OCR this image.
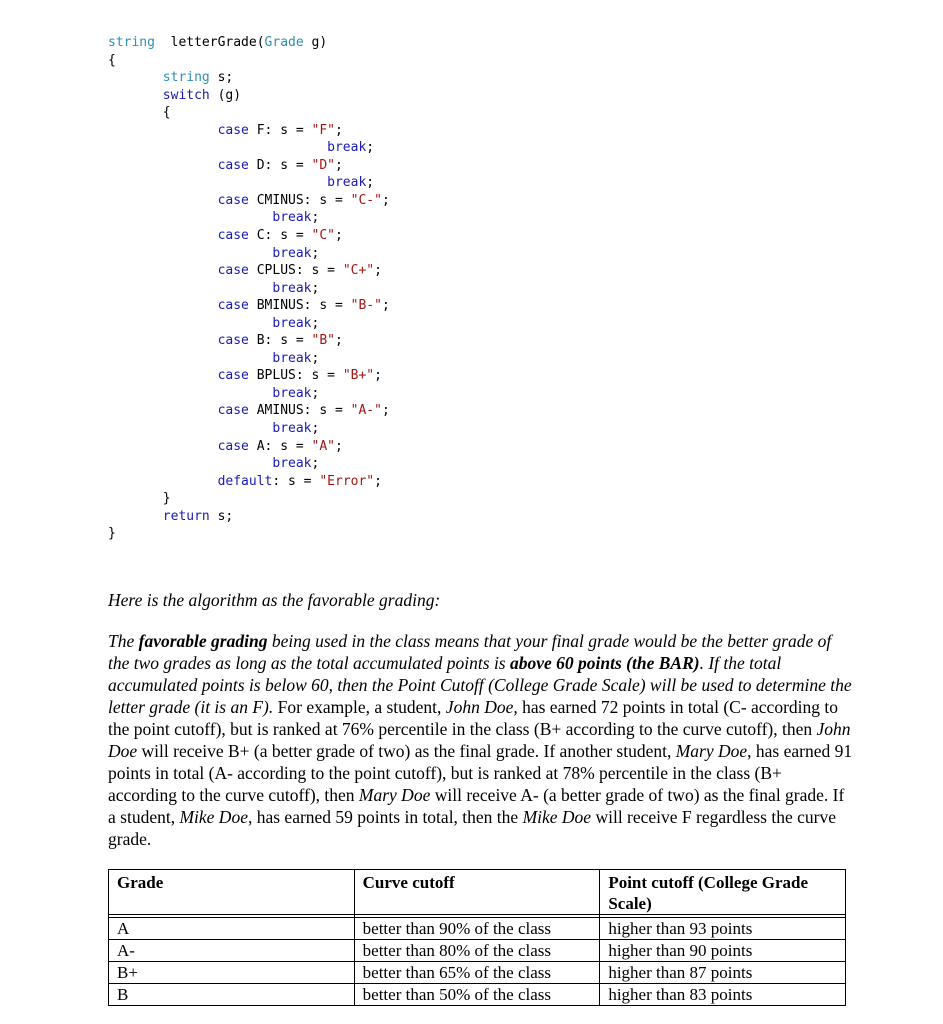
string  letterGrade(Grade g)
{
string s;
switch (g)
{
case F: s = "F";
break;
case D: s = "D";
break;
case CMINUS: s = "C-";
break;
case C: s = "C";
break;
case CPLUS: s = "C+";
break;
case BMINUS: s = "B-";
break;
case B: s = "B";
break;
case BPLUS: s = "B+";
break;
case AMINUS: s = "A-";
break;
case A: s = "A";
break;
default: s = "Error";
}
return s;
}
Here is the algorithm as the favorable grading:
The favorable grading being used in the class means that your final grade would be the better grade of the two grades as long as the total accumulated points is above 60 points (the BAR). If the total accumulated points is below 60, then the Point Cutoff (College Grade Scale) will be used to determine the letter grade (it is an F). For example, a student, John Doe, has earned 72 points in total (C- according to the point cutoff), but is ranked at 76% percentile in the class (B+ according to the curve cutoff), then John Doe will receive B+ (a better grade of two) as the final grade. If another student, Mary Doe, has earned 91 points in total (A- according to the point cutoff), but is ranked at 78% percentile in the class (B+ according to the curve cutoff), then Mary Doe will receive A- (a better grade of two) as the final grade. If a student, Mike Doe, has earned 59 points in total, then the Mike Doe will receive F regardless the curve grade.
Grade	Curve cutoff	Point cutoff (College Grade Scale)

A	better than 90% of the class	higher than 93 points
A-	better than 80% of the class	higher than 90 points
B+	better than 65% of the class	higher than 87 points
B	better than 50% of the class	higher than 83 points
